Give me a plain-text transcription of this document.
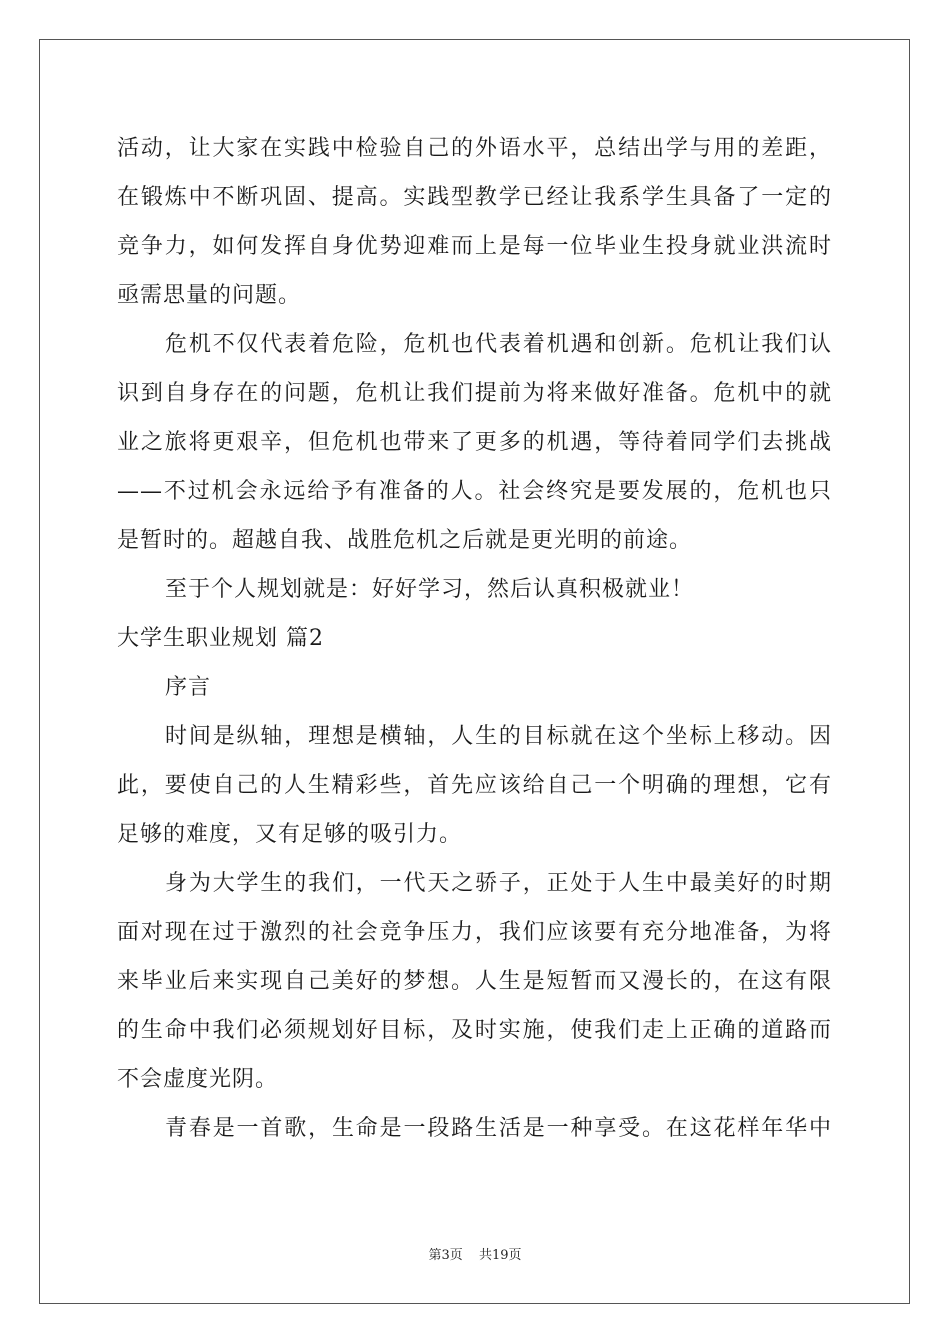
活动，让大家在实践中检验自己的外语水平，总结出学与用的差距，
在锻炼中不断巩固、提高。实践型教学已经让我系学生具备了一定的
竞争力，如何发挥自身优势迎难而上是每一位毕业生投身就业洪流时
亟需思量的问题。
危机不仅代表着危险，危机也代表着机遇和创新。危机让我们认
识到自身存在的问题，危机让我们提前为将来做好准备。危机中的就
业之旅将更艰辛，但危机也带来了更多的机遇，等待着同学们去挑战
——不过机会永远给予有准备的人。社会终究是要发展的，危机也只
是暂时的。超越自我、战胜危机之后就是更光明的前途。
至于个人规划就是：好好学习，然后认真积极就业！
大学生职业规划 篇2
序言
时间是纵轴，理想是横轴，人生的目标就在这个坐标上移动。因
此，要使自己的人生精彩些，首先应该给自己一个明确的理想，它有
足够的难度，又有足够的吸引力。
身为大学生的我们，一代天之骄子，正处于人生中最美好的时期
面对现在过于激烈的社会竞争压力，我们应该要有充分地准备，为将
来毕业后来实现自己美好的梦想。人生是短暂而又漫长的，在这有限
的生命中我们必须规划好目标，及时实施，使我们走上正确的道路而
不会虚度光阴。
青春是一首歌，生命是一段路生活是一种享受。在这花样年华中
第3页 共19页
